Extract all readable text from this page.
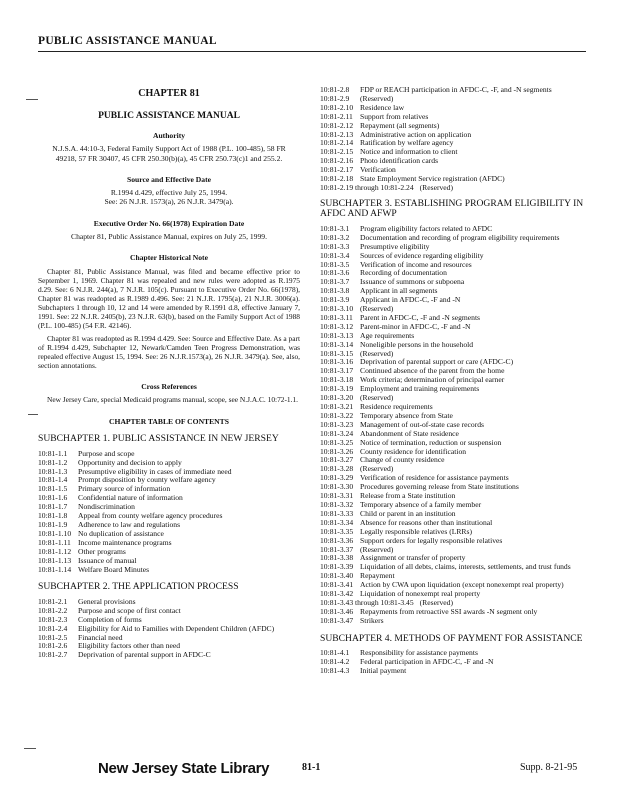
PUBLIC ASSISTANCE MANUAL
CHAPTER 81
PUBLIC ASSISTANCE MANUAL
Authority
N.J.S.A. 44:10-3, Federal Family Support Act of 1988 (P.L. 100-485), 58 FR 49218, 57 FR 30407, 45 CFR 250.30(b)(a), 45 CFR 250.73(c)1 and 255.2.
Source and Effective Date
R.1994 d.429, effective July 25, 1994.
See: 26 N.J.R. 1573(a), 26 N.J.R. 3479(a).
Executive Order No. 66(1978) Expiration Date
Chapter 81, Public Assistance Manual, expires on July 25, 1999.
Chapter Historical Note

Chapter 81, Public Assistance Manual, was filed and became effective prior to September 1, 1969. Chapter 81 was repealed and new rules were adopted as R.1975 d.29. See: 6 N.J.R. 244(a), 7 N.J.R. 105(c). Pursuant to Executive Order No. 66(1978), Chapter 81 was readopted as R.1989 d.496. See: 21 N.J.R. 1795(a), 21 N.J.R. 3006(a). Subchapters 1 through 10, 12 and 14 were amended by R.1991 d.8, effective January 7, 1991. See: 22 N.J.R. 2405(b), 23 N.J.R. 63(b), based on the Family Support Act of 1988 (P.L. 100-485) (54 F.R. 42146).

Chapter 81 was readopted as R.1994 d.429. See: Source and Effective Date. As a part of R.1994 d.429, Subchapter 12, Newark/Camden Teen Progress Demonstration, was repealed effective August 15, 1994. See: 26 N.J.R.1573(a), 26 N.J.R. 3479(a). See, also, section annotations.

Cross References

New Jersey Care, special Medicaid programs manual, scope, see N.J.A.C. 10:72-1.1.

CHAPTER TABLE OF CONTENTS
SUBCHAPTER 1. PUBLIC ASSISTANCE IN NEW JERSEY
10:81-1.1	Purpose and scope
10:81-1.2	Opportunity and decision to apply
10:81-1.3	Presumptive eligibility in cases of immediate need
10:81-1.4	Prompt disposition by county welfare agency
10:81-1.5	Primary source of information
10:81-1.6	Confidential nature of information
10:81-1.7	Nondiscrimination
10:81-1.8	Appeal from county welfare agency procedures
10:81-1.9	Adherence to law and regulations
10:81-1.10 No duplication of assistance
10:81-1.11 Income maintenance programs
10:81-1.12 Other programs
10:81-1.13 Issuance of manual
10:81-1.14 Welfare Board Minutes
SUBCHAPTER 2. THE APPLICATION PROCESS
10:81-2.1	General provisions
10:81-2.2	Purpose and scope of first contact
10:81-2.3	Completion of forms
10:81-2.4	Eligibility for Aid to Families with Dependent Children (AFDC)
10:81-2.5	Financial need
10:81-2.6	Eligibility factors other than need
10:81-2.7	Deprivation of parental support in AFDC-C
10:81-2.8	FDP or REACH participation in AFDC-C, -F, and -N segments
10:81-2.9	(Reserved)
10:81-2.10 Residence law
10:81-2.11 Support from relatives
10:81-2.12 Repayment (all segments)
10:81-2.13 Administrative action on application
10:81-2.14 Ratification by welfare agency
10:81-2.15 Notice and information to client
10:81-2.16 Photo identification cards
10:81-2.17 Verification
10:81-2.18 State Employment Service registration (AFDC)
10:81-2.19 through 10:81-2.24 (Reserved)
SUBCHAPTER 3. ESTABLISHING PROGRAM ELIGIBILITY IN AFDC AND AFWP
10:81-3.1	Program eligibility factors related to AFDC
10:81-3.2	Documentation and recording of program eligibility requirements
10:81-3.3	Presumptive eligibility
10:81-3.4	Sources of evidence regarding eligibility
10:81-3.5	Verification of income and resources
10:81-3.6	Recording of documentation
10:81-3.7	Issuance of summons or subpoena
10:81-3.8	Applicant in all segments
10:81-3.9	Applicant in AFDC-C, -F and -N
10:81-3.10 (Reserved)
10:81-3.11 Parent in AFDC-C, -F and -N segments
10:81-3.12 Parent-minor in AFDC-C, -F and -N
10:81-3.13 Age requirements
10:81-3.14 Noneligible persons in the household
10:81-3.15 (Reserved)
10:81-3.16 Deprivation of parental support or care (AFDC-C)
10:81-3.17 Continued absence of the parent from the home
10:81-3.18 Work criteria; determination of principal earner
10:81-3.19 Employment and training requirements
10:81-3.20 (Reserved)
10:81-3.21 Residence requirements
10:81-3.22 Temporary absence from State
10:81-3.23 Management of out-of-state case records
10:81-3.24 Abandonment of State residence
10:81-3.25 Notice of termination, reduction or suspension
10:81-3.26 County residence for identification
10:81-3.27 Change of county residence
10:81-3.28 (Reserved)
10:81-3.29 Verification of residence for assistance payments
10:81-3.30 Procedures governing release from State institutions
10:81-3.31 Release from a State institution
10:81-3.32 Temporary absence of a family member
10:81-3.33 Child or parent in an institution
10:81-3.34 Absence for reasons other than institutional
10:81-3.35 Legally responsible relatives (LRRs)
10:81-3.36 Support orders for legally responsible relatives
10:81-3.37 (Reserved)
10:81-3.38 Assignment or transfer of property
10:81-3.39 Liquidation of all debts, claims, interests, settlements, and trust funds
10:81-3.40 Repayment
10:81-3.41 Action by CWA upon liquidation (except nonexempt real property)
10:81-3.42 Liquidation of nonexempt real property
10:81-3.43 through 10:81-3.45 (Reserved)
10:81-3.46 Repayments from retroactive SSI awards -N segment only
10:81-3.47 Strikers
SUBCHAPTER 4. METHODS OF PAYMENT FOR ASSISTANCE
10:81-4.1	Responsibility for assistance payments
10:81-4.2	Federal participation in AFDC-C, -F and -N
10:81-4.3	Initial payment
New Jersey State Library	81-1	Supp. 8-21-95
